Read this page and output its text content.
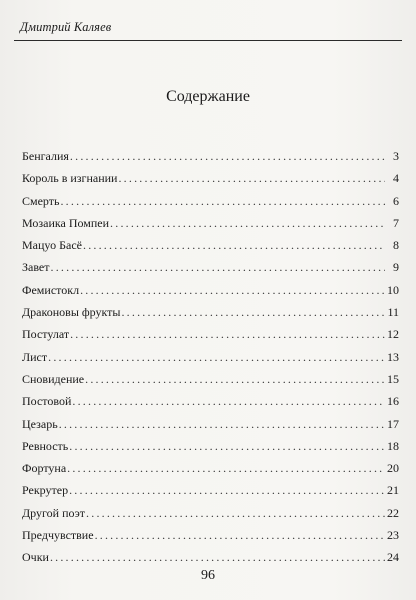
Дмитрий Каляев
Содержание
Бенгалия .....	3
Король в изгнании .....	4
Смерть .....	6
Мозаика Помпеи .....	7
Мацуо Басё .....	8
Завет .....	9
Фемистокл .....	10
Драконовы фрукты .....	11
Постулат .....	12
Лист .....	13
Сновидение .....	15
Постовой .....	16
Цезарь .....	17
Ревность .....	18
Фортуна .....	20
Рекрутер .....	21
Другой поэт .....	22
Предчувствие .....	23
Очки .....	24
96
